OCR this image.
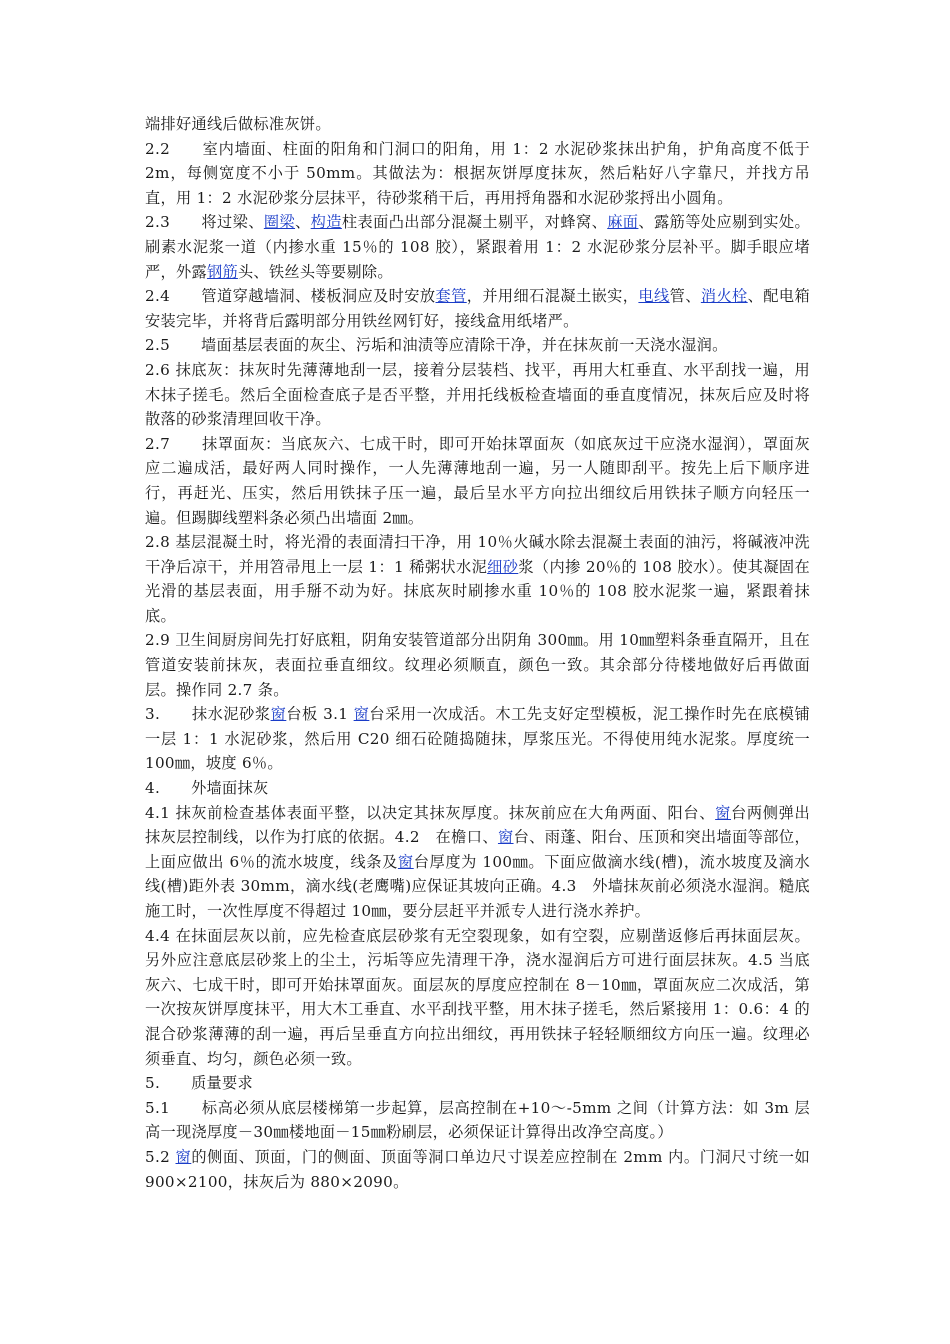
端排好通线后做标准灰饼。

2.2　　室内墙面、柱面的阳角和门洞口的阳角，用 1：2 水泥砂浆抹出护角，护角高度不低于 2m，每侧宽度不小于 50mm。其做法为：根据灰饼厚度抹灰，然后粘好八字靠尺，并找方吊直，用 1：2 水泥砂浆分层抹平，待砂浆稍干后，再用捋角器和水泥砂浆捋出小圆角。

2.3　　将过梁、圈梁、构造柱表面凸出部分混凝土剔平，对蜂窝、麻面、露筋等处应剔到实处。刷素水泥浆一道（内掺水重 15％的 108 胶），紧跟着用 1：2 水泥砂浆分层补平。脚手眼应堵严，外露钢筋头、铁丝头等要剔除。

2.4　　管道穿越墙洞、楼板洞应及时安放套管，并用细石混凝土嵌实，电线管、消火栓、配电箱安装完毕，并将背后露明部分用铁丝网钉好，接线盒用纸堵严。

2.5　　墙面基层表面的灰尘、污垢和油渍等应清除干净，并在抹灰前一天浇水湿润。

2.6 抹底灰：抹灰时先薄薄地刮一层，接着分层装档、找平，再用大杠垂直、水平刮找一遍，用木抹子搓毛。然后全面检查底子是否平整，并用托线板检查墙面的垂直度情况，抹灰后应及时将散落的砂浆清理回收干净。

2.7　　抹罩面灰：当底灰六、七成干时，即可开始抹罩面灰（如底灰过干应浇水湿润），罩面灰应二遍成活，最好两人同时操作，一人先薄薄地刮一遍，另一人随即刮平。按先上后下顺序进行，再赶光、压实，然后用铁抹子压一遍，最后呈水平方向拉出细纹后用铁抹子顺方向轻压一遍。但踢脚线塑料条必须凸出墙面 2㎜。

2.8 基层混凝土时，将光滑的表面清扫干净，用 10％火碱水除去混凝土表面的油污，将碱液冲洗干净后凉干，并用笤帚甩上一层 1：1 稀粥状水泥细砂浆（内掺 20％的 108 胶水）。使其凝固在光滑的基层表面，用手掰不动为好。抹底灰时刷掺水重 10％的 108 胶水泥浆一遍，紧跟着抹底。

2.9 卫生间厨房间先打好底粗，阴角安装管道部分出阴角 300㎜。用 10㎜塑料条垂直隔开，且在管道安装前抹灰，表面拉垂直细纹。纹理必须顺直，颜色一致。其余部分待楼地做好后再做面层。操作同 2.7 条。

3.　　抹水泥砂浆窗台板 3.1 窗台采用一次成活。木工先支好定型模板，泥工操作时先在底模铺一层 1：1 水泥砂浆，然后用 C20 细石砼随捣随抹，厚浆压光。不得使用纯水泥浆。厚度统一 100㎜，坡度 6％。

4.　　外墙面抹灰

4.1 抹灰前检查基体表面平整，以决定其抹灰厚度。抹灰前应在大角两面、阳台、窗台两侧弹出抹灰层控制线，以作为打底的依据。4.2　在檐口、窗台、雨蓬、阳台、压顶和突出墙面等部位，上面应做出 6％的流水坡度，线条及窗台厚度为 100㎜。下面应做滴水线(槽)，流水坡度及滴水线(槽)距外表 30mm，滴水线(老鹰嘴)应保证其坡向正确。4.3　外墙抹灰前必须浇水湿润。糙底施工时，一次性厚度不得超过 10㎜，要分层赶平并派专人进行浇水养护。

4.4 在抹面层灰以前，应先检查底层砂浆有无空裂现象，如有空裂，应剔凿返修后再抹面层灰。另外应注意底层砂浆上的尘土，污垢等应先清理干净，浇水湿润后方可进行面层抹灰。4.5 当底灰六、七成干时，即可开始抹罩面灰。面层灰的厚度应控制在 8－10㎜，罩面灰应二次成活，第一次按灰饼厚度抹平，用大木工垂直、水平刮找平整，用木抹子搓毛，然后紧接用 1：0.6：4 的混合砂浆薄薄的刮一遍，再后呈垂直方向拉出细纹，再用铁抹子轻轻顺细纹方向压一遍。纹理必须垂直、均匀，颜色必须一致。

5.　　质量要求

5.1　　标高必须从底层楼梯第一步起算，层高控制在+10～-5mm 之间（计算方法：如 3m 层高一现浇厚度－30㎜楼地面－15㎜粉刷层，必须保证计算得出改净空高度。）

5.2 窗的侧面、顶面，门的侧面、顶面等洞口单边尺寸误差应控制在 2mm 内。门洞尺寸统一如 900×2100，抹灰后为 880×2090。
